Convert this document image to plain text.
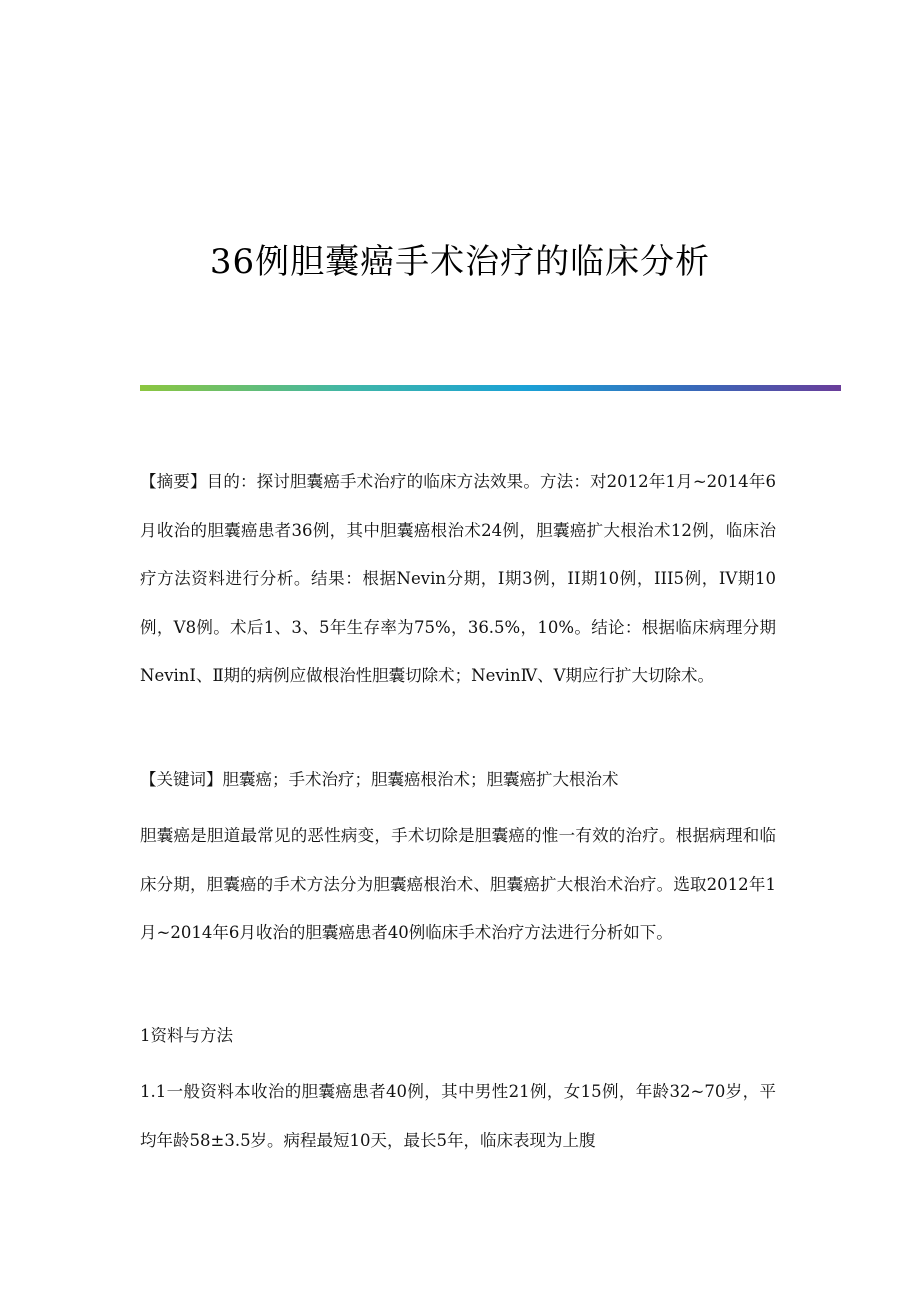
36例胆囊癌手术治疗的临床分析

【摘要】目的：探讨胆囊癌手术治疗的临床方法效果。方法：对2012年1月~2014年6月收治的胆囊癌患者36例，其中胆囊癌根治术24例，胆囊癌扩大根治术12例，临床治疗方法资料进行分析。结果：根据Nevin分期，I期3例，II期10例，III5例，IV期10例，V8例。术后1、3、5年生存率为75%，36.5%，10%。结论：根据临床病理分期NevinI、Ⅱ期的病例应做根治性胆囊切除术；NevinⅣ、V期应行扩大切除术。

【关键词】胆囊癌；手术治疗；胆囊癌根治术；胆囊癌扩大根治术

胆囊癌是胆道最常见的恶性病变，手术切除是胆囊癌的惟一有效的治疗。根据病理和临床分期，胆囊癌的手术方法分为胆囊癌根治术、胆囊癌扩大根治术治疗。选取2012年1月~2014年6月收治的胆囊癌患者40例临床手术治疗方法进行分析如下。

1资料与方法

1.1一般资料本收治的胆囊癌患者40例，其中男性21例，女15例，年龄32~70岁，平均年龄58±3.5岁。病程最短10天，最长5年，临床表现为上腹
